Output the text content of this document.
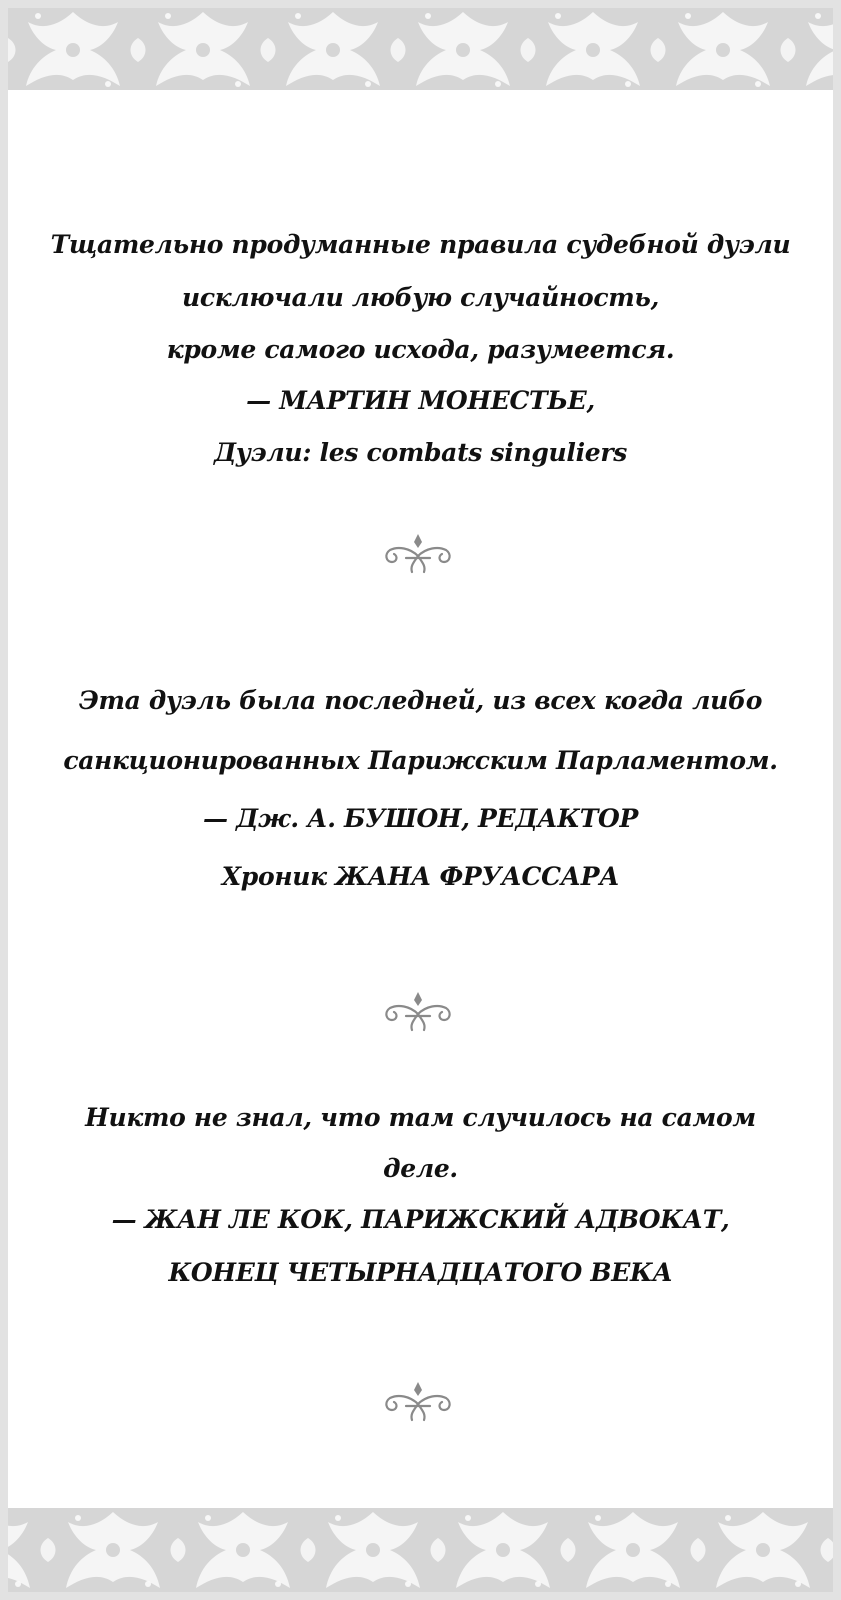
Тщательно продуманные правила судебной дуэли
исключали любую случайность,
кроме самого исхода, разумеется.
— МАРТИН МОНЕСТЬЕ,
Дуэли: les combats singuliers
Эта дуэль была последней, из всех когда либо
санкционированных Парижским Парламентом.
— Дж. А. БУШОН, РЕДАКТОР
Хроник ЖАНА ФРУАССАРА
Никто не знал, что там случилось на самом
деле.
— ЖАН ЛЕ КОК, ПАРИЖСКИЙ АДВОКАТ,
КОНЕЦ ЧЕТЫРНАДЦАТОГО ВЕКА
